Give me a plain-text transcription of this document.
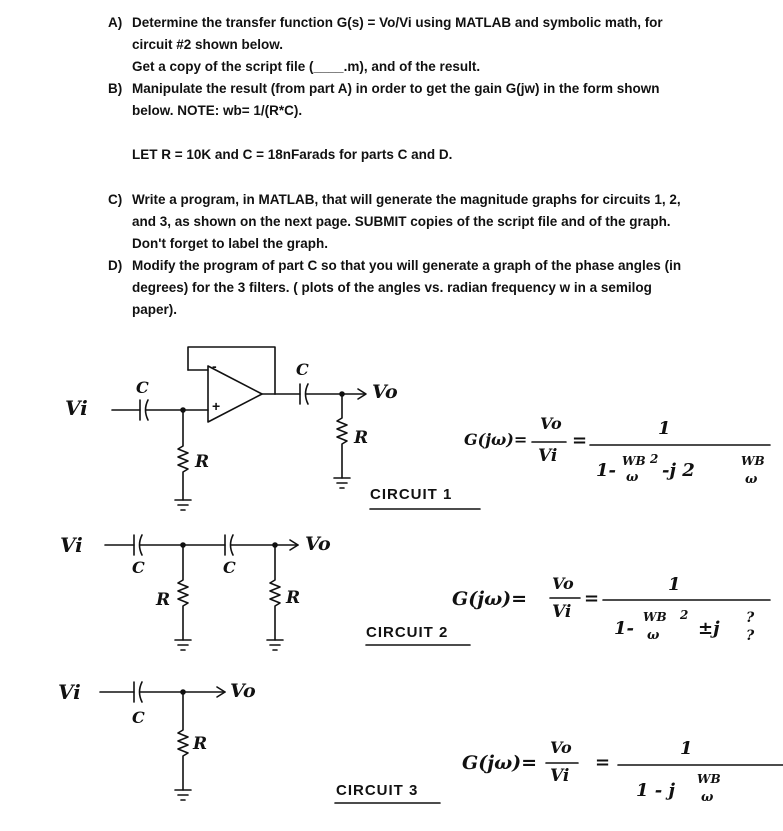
A) Determine the transfer function G(s) = Vo/Vi using MATLAB and symbolic math, for
circuit #2 shown below.
Get a copy of the script file (____.m), and of the result.
B) Manipulate the result (from part A) in order to get the gain G(jw) in the form shown
below. NOTE: wb= 1/(R*C).
LET R = 10K and C = 18nFarads for parts C and D.
C) Write a program, in MATLAB, that will generate the magnitude graphs for circuits 1, 2,
and 3, as shown on the next page. SUBMIT copies of the script file and of the graph.
Don't forget to label the graph.
D) Modify the program of part C so that you will generate a graph of the phase angles (in
degrees) for the 3 filters. ( plots of the angles vs. radian frequency w in a semilog
paper).
Vi
C
R
-
+
C
Vo
R
CIRCUIT 1
Vi
C	C
Vo
R	R
CIRCUIT 2
Vi
C
Vo
R
CIRCUIT 3
G(jω)=
Vo
Vi
=
1
1- WB
ω
2
-j 2	WB
ω
G(jω)=
Vo
Vi
=
1
1-
WB
ω
2
±j ?
?
G(jω)=
Vo
Vi
=
1
1 - j
WB
ω
